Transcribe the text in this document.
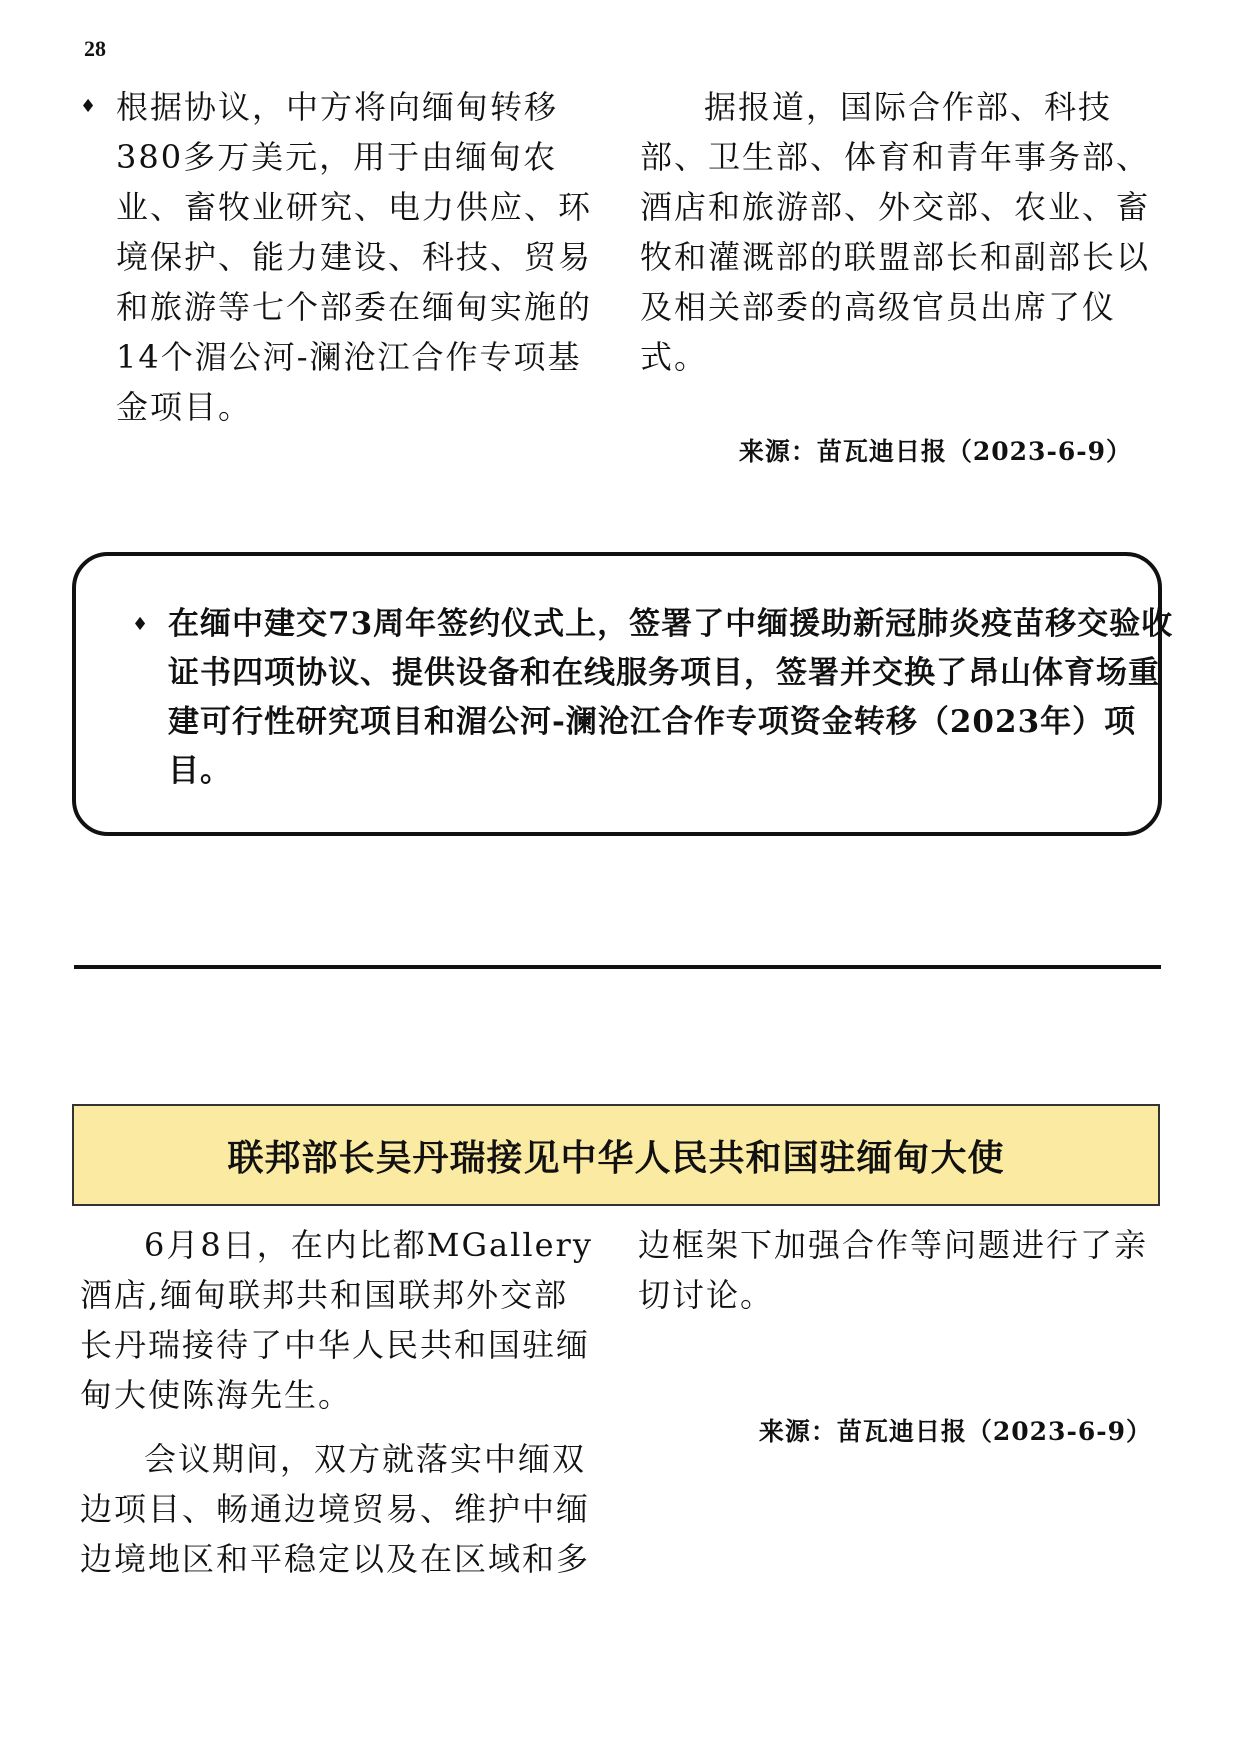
28

♦ 根据协议，中方将向缅甸转移380多万美元，用于由缅甸农业、畜牧业研究、电力供应、环境保护、能力建设、科技、贸易和旅游等七个部委在缅甸实施的14个湄公河-澜沧江合作专项基金项目。

据报道，国际合作部、科技部、卫生部、体育和青年事务部、酒店和旅游部、外交部、农业、畜牧和灌溉部的联盟部长和副部长以及相关部委的高级官员出席了仪式。

来源：苗瓦迪日报（2023-6-9）
♦ 在缅中建交73周年签约仪式上，签署了中缅援助新冠肺炎疫苗移交验收证书四项协议、提供设备和在线服务项目，签署并交换了昂山体育场重建可行性研究项目和湄公河-澜沧江合作专项资金转移（2023年）项目。
联邦部长吴丹瑞接见中华人民共和国驻缅甸大使

6月8日，在内比都MGallery酒店,缅甸联邦共和国联邦外交部长丹瑞接待了中华人民共和国驻缅甸大使陈海先生。

会议期间，双方就落实中缅双边项目、畅通边境贸易、维护中缅边境地区和平稳定以及在区域和多

边框架下加强合作等问题进行了亲切讨论。

来源：苗瓦迪日报（2023-6-9）
